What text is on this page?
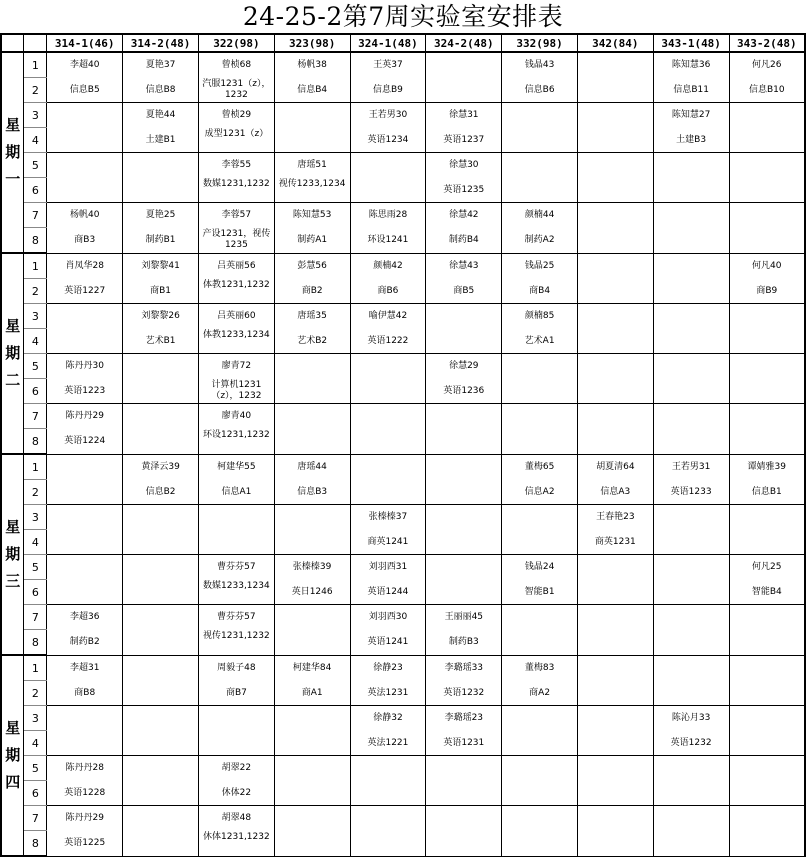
24-25-2第7周实验室安排表
		314-1(46)	314-2(48)	322(98)	323(98)	324-1(48)	324-2(48)	332(98)	342(84)	343-1(48)	343-2(48)
星期一	1	李超40	夏艳37	曾桢68	杨帆38	王英37		钱晶43		陈知慧36	何凡26

	2	信息B5	信息B8	汽服1231（z），1232	信息B4	信息B9		信息B6		信息B11	信息B10

	3		夏艳44	曾桢29		王若男30	徐慧31			陈知慧27	

	4		土建B1	成型1231（z）		英语1234	英语1237			土建B3	

	5			李蓉55	唐瑶51		徐慧30				

	6			数媒1231,1232	视传1233,1234		英语1235				

	7	杨帆40	夏艳25	李蓉57	陈知慧53	陈思雨28	徐慧42	颜楠44			

	8	商B3	制药B1	产设1231，视传1235	制药A1	环设1241	制药B4	制药A2			

星期二	1	肖凤华28	刘黎黎41	吕英丽56	彭慧56	颜楠42	徐慧43	钱晶25			何凡40

	2	英语1227	商B1	体教1231,1232	商B2	商B6	商B5	商B4			商B9

	3		刘黎黎26	吕英丽60	唐瑶35	喻伊慧42		颜楠85			

	4		艺术B1	体教1233,1234	艺术B2	英语1222		艺术A1			

	5	陈丹丹30		廖青72			徐慧29				

	6	英语1223		计算机1231（z），1232			英语1236				

	7	陈丹丹29		廖青40							

	8	英语1224		环设1231,1232							

星期三	1		黄泽云39	柯建华55	唐瑶44			董梅65	胡夏清64	王若男31	谭婧雅39

	2		信息B2	信息A1	信息B3			信息A2	信息A3	英语1233	信息B1

	3					张榛榛37			王春艳23		

	4					商英1241			商英1231		

	5			曹芬芬57	张榛榛39	刘羽西31		钱晶24			何凡25

	6			数媒1233,1234	英日1246	英语1244		智能B1			智能B4

	7	李超36		曹芬芬57		刘羽西30	王丽丽45				

	8	制药B2		视传1231,1232		英语1241	制药B3				

星期四	1	李超31		周毅子48	柯建华84	徐静23	李璐瑶33	董梅83			

	2	商B8		商B7	商A1	英法1231	英语1232	商A2			

	3					徐静32	李璐瑶23			陈沁月33	

	4					英法1221	英语1231			英语1232	

	5	陈丹丹28		胡翠22							

	6	英语1228		休体22							

	7	陈丹丹29		胡翠48							

	8	英语1225		休体1231,1232							
